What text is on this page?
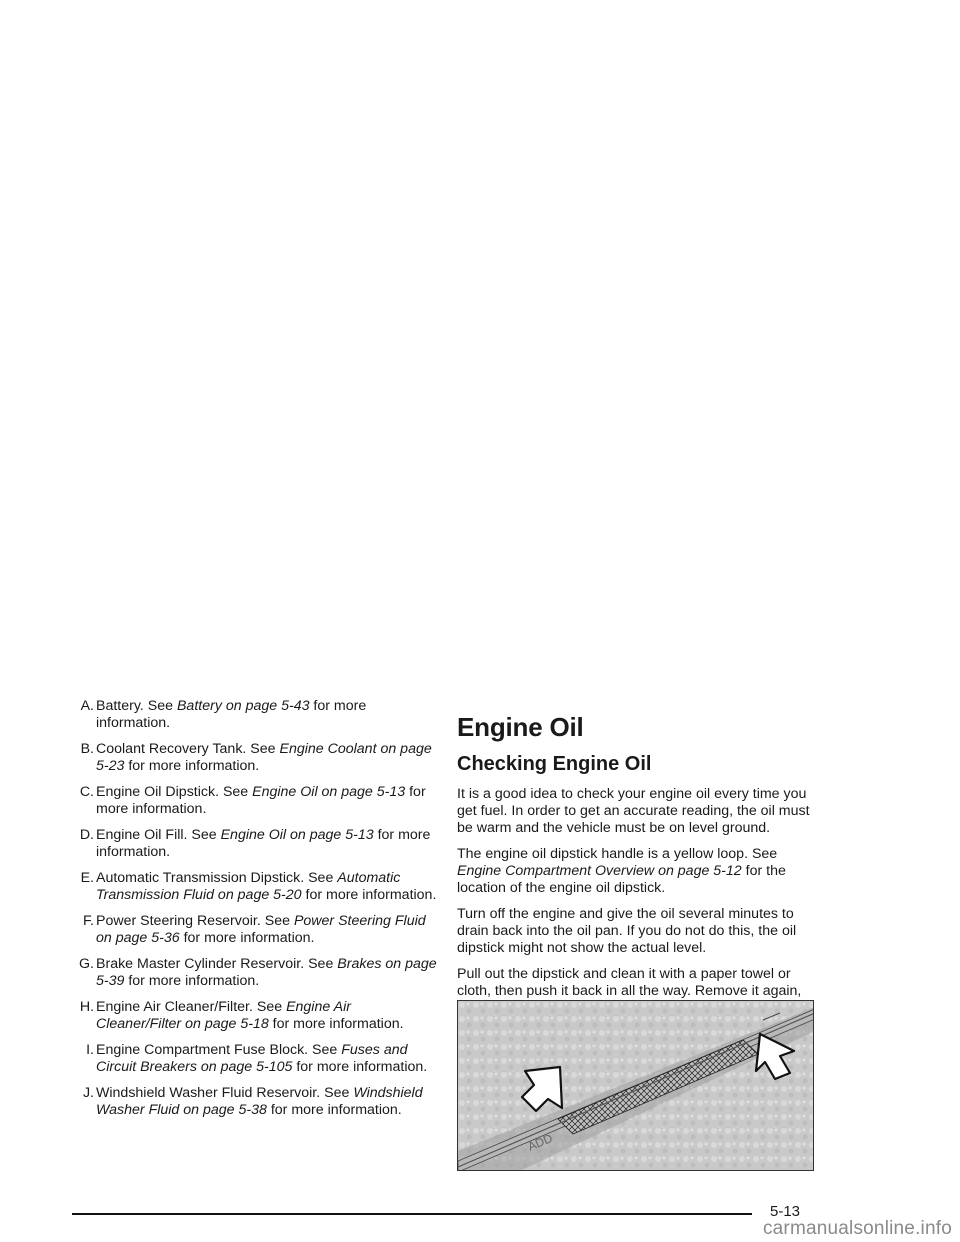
A. Battery. See Battery on page 5-43 for more information.
B. Coolant Recovery Tank. See Engine Coolant on page 5-23 for more information.
C. Engine Oil Dipstick. See Engine Oil on page 5-13 for more information.
D. Engine Oil Fill. See Engine Oil on page 5-13 for more information.
E. Automatic Transmission Dipstick. See Automatic Transmission Fluid on page 5-20 for more information.
F. Power Steering Reservoir. See Power Steering Fluid on page 5-36 for more information.
G. Brake Master Cylinder Reservoir. See Brakes on page 5-39 for more information.
H. Engine Air Cleaner/Filter. See Engine Air Cleaner/Filter on page 5-18 for more information.
I. Engine Compartment Fuse Block. See Fuses and Circuit Breakers on page 5-105 for more information.
J. Windshield Washer Fluid Reservoir. See Windshield Washer Fluid on page 5-38 for more information.
Engine Oil
Checking Engine Oil

It is a good idea to check your engine oil every time you get fuel. In order to get an accurate reading, the oil must be warm and the vehicle must be on level ground.

The engine oil dipstick handle is a yellow loop. See Engine Compartment Overview on page 5-12 for the location of the engine oil dipstick.

Turn off the engine and give the oil several minutes to drain back into the oil pan. If you do not do this, the oil dipstick might not show the actual level.

Pull out the dipstick and clean it with a paper towel or cloth, then push it back in all the way. Remove it again,

ADD
5-13
carmanualsonline.info
